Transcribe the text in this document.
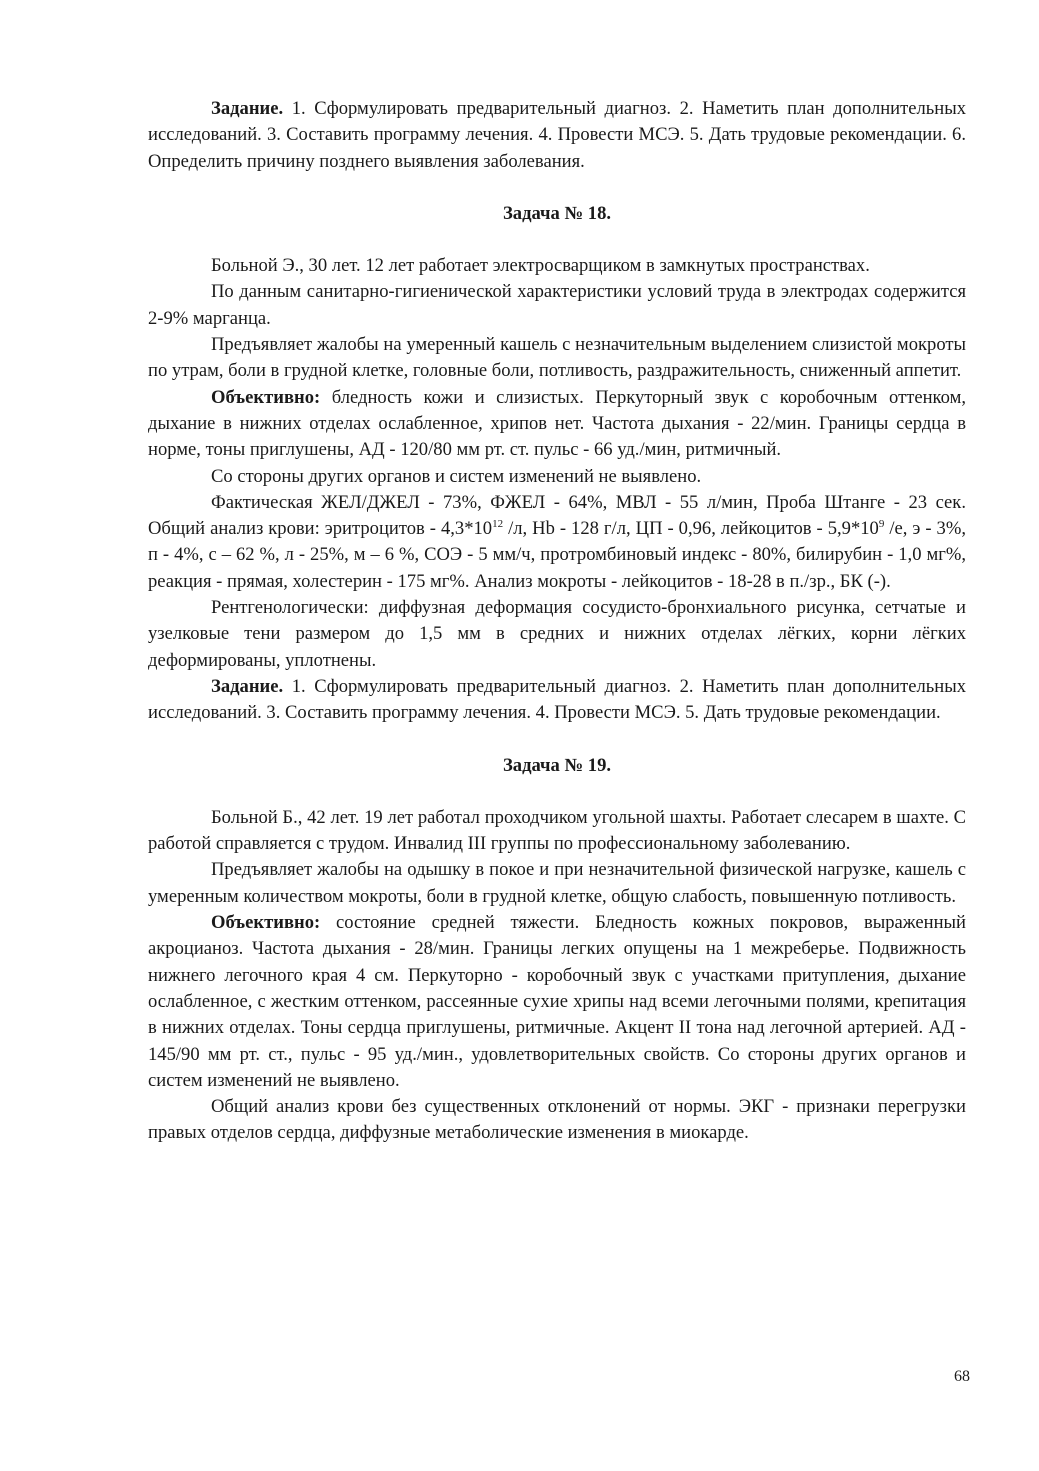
Задание. 1. Сформулировать предварительный диагноз. 2. Наметить план дополнительных исследований. 3. Составить программу лечения. 4. Провести МСЭ. 5. Дать трудовые рекомендации. 6. Определить причину позднего выявления заболевания.

Задача № 18.

Больной Э., 30 лет. 12 лет работает электросварщиком в замкнутых пространствах.

По данным санитарно-гигиенической характеристики условий труда в электродах содержится 2-9% марганца.

Предъявляет жалобы на умеренный кашель с незначительным выделением слизистой мокроты по утрам, боли в грудной клетке, головные боли, потливость, раздражительность, сниженный аппетит.

Объективно: бледность кожи и слизистых. Перкуторный звук с коробочным оттенком, дыхание в нижних отделах ослабленное, хрипов нет. Частота дыхания - 22/мин. Границы сердца в норме, тоны приглушены, АД - 120/80 мм рт. ст. пульс - 66 уд./мин, ритмичный.

Со стороны других органов и систем изменений не выявлено.

Фактическая ЖЕЛ/ДЖЕЛ - 73%, ФЖЕЛ - 64%, МВЛ - 55 л/мин, Проба Штанге - 23 сек. Общий анализ крови: эритроцитов - $4,3*10^{12}$ /л, Hb - 128 г/л, ЦП - 0,96, лейкоцитов - $5,9*10^9$ /е, э - 3%, п - 4%, с – 62 %, л - 25%, м – 6 %, СОЭ - 5 мм/ч, протромбиновый индекс - 80%, билирубин - 1,0 мг%, реакция - прямая, холестерин - 175 мг%. Анализ мокроты - лейкоцитов - 18-28 в п./зр., БК (-).

Рентгенологически: диффузная деформация сосудисто-бронхиального рисунка, сетчатые и узелковые тени размером до 1,5 мм в средних и нижних отделах лёгких, корни лёгких деформированы, уплотнены.

Задание. 1. Сформулировать предварительный диагноз. 2. Наметить план дополнительных исследований. 3. Составить программу лечения. 4. Провести МСЭ. 5. Дать трудовые рекомендации.

Задача № 19.

Больной Б., 42 лет. 19 лет работал проходчиком угольной шахты. Работает слесарем в шахте. С работой справляется с трудом. Инвалид III группы по профессиональному заболеванию.

Предъявляет жалобы на одышку в покое и при незначительной физической нагрузке, кашель с умеренным количеством мокроты, боли в грудной клетке, общую слабость, повышенную потливость.

Объективно: состояние средней тяжести. Бледность кожных покровов, выраженный акроцианоз. Частота дыхания - 28/мин. Границы легких опущены на 1 межреберье. Подвижность нижнего легочного края 4 см. Перкуторно - коробочный звук с участками притупления, дыхание ослабленное, с жестким оттенком, рассеянные сухие хрипы над всеми легочными полями, крепитация в нижних отделах. Тоны сердца приглушены, ритмичные. Акцент II тона над легочной артерией. АД - 145/90 мм рт. ст., пульс - 95 уд./мин., удовлетворительных свойств. Со стороны других органов и систем изменений не выявлено.

Общий анализ крови без существенных отклонений от нормы. ЭКГ - признаки перегрузки правых отделов сердца, диффузные метаболические изменения в миокарде.

68
